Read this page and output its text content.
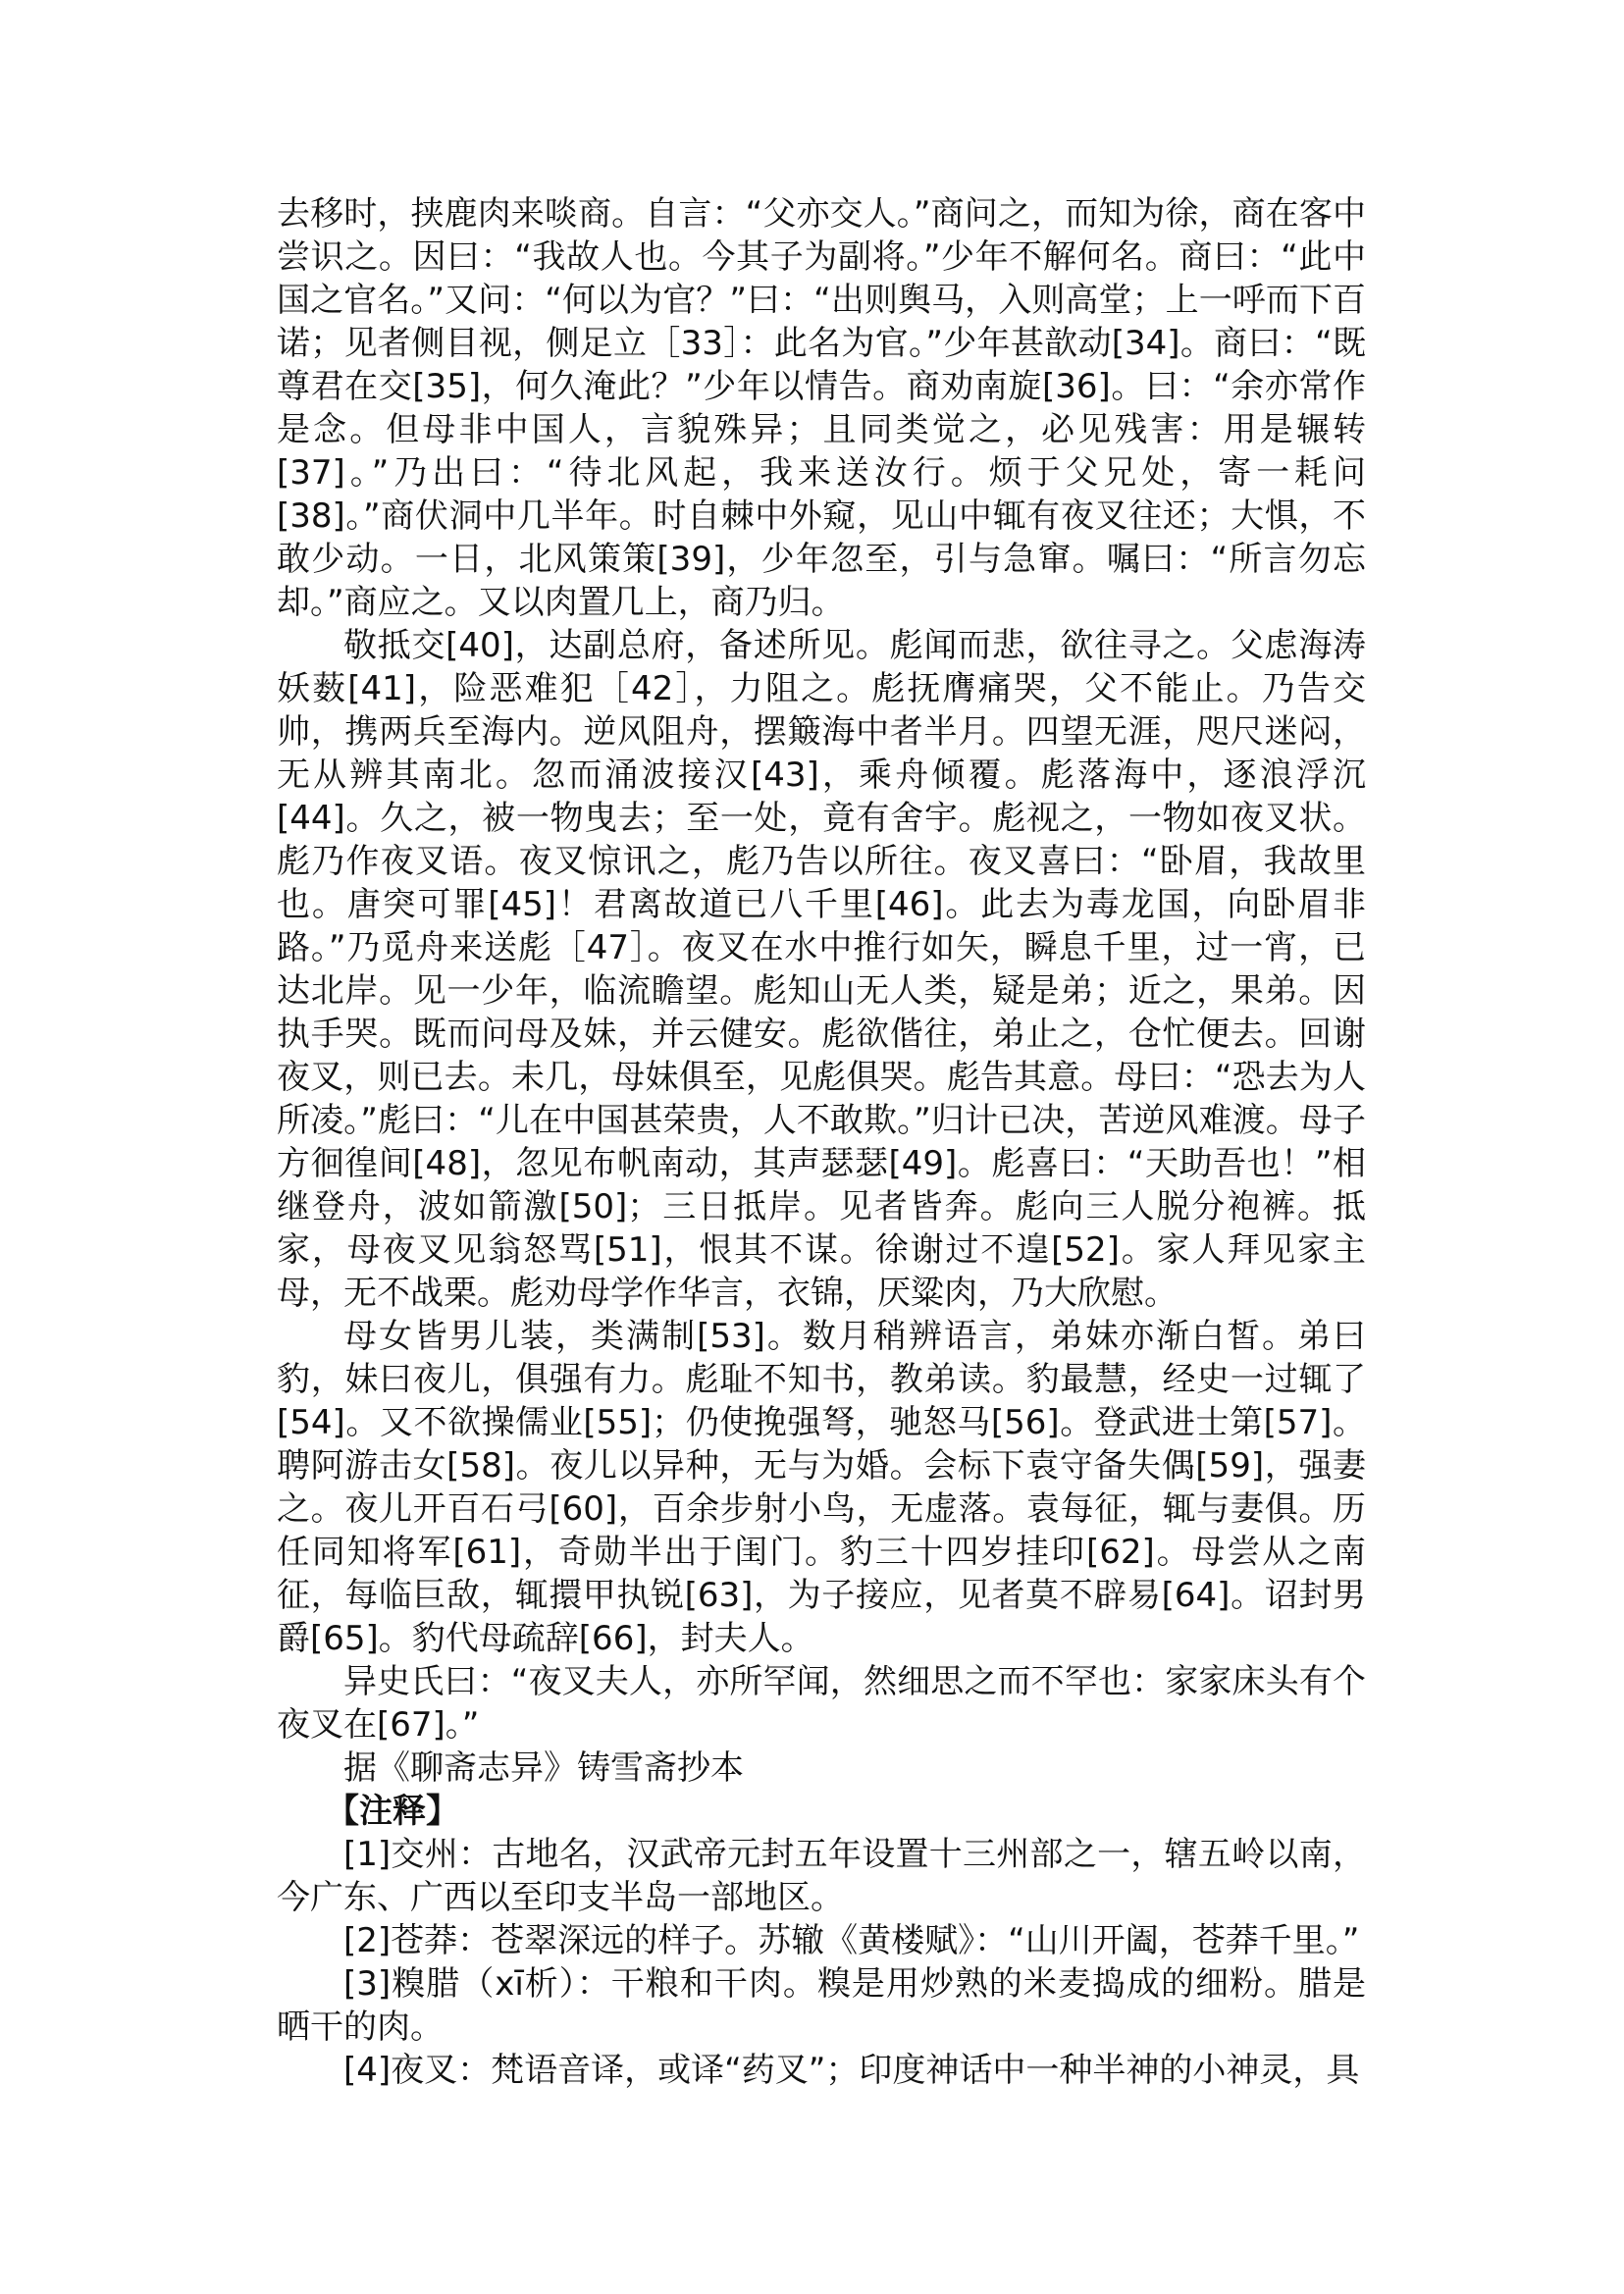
去移时，挟鹿肉来啖商。自言：“父亦交人。”商问之，而知为徐，商在客中尝识之。因曰：“我故人也。今其子为副将。”少年不解何名。商曰：“此中国之官名。”又问：“何以为官？”曰：“出则舆马，入则高堂；上一呼而下百诺；见者侧目视，侧足立［33］：此名为官。”少年甚歆动[34]。商曰：“既尊君在交[35]，何久淹此？”少年以情告。商劝南旋[36]。曰：“余亦常作是念。但母非中国人，言貌殊异；且同类觉之，必见残害：用是辗转[37]。”乃出曰：“待北风起，我来送汝行。烦于父兄处，寄一耗问[38]。”商伏洞中几半年。时自棘中外窥，见山中辄有夜叉往还；大惧，不敢少动。一日，北风策策[39]，少年忽至，引与急窜。嘱曰：“所言勿忘却。”商应之。又以肉置几上，商乃归。

敬抵交[40]，达副总府，备述所见。彪闻而悲，欲往寻之。父虑海涛妖薮[41]，险恶难犯［42］，力阻之。彪抚膺痛哭，父不能止。乃告交帅，携两兵至海内。逆风阻舟，摆簸海中者半月。四望无涯，咫尺迷闷，无从辨其南北。忽而涌波接汉[43]，乘舟倾覆。彪落海中，逐浪浮沉[44]。久之，被一物曳去；至一处，竟有舍宇。彪视之，一物如夜叉状。彪乃作夜叉语。夜叉惊讯之，彪乃告以所往。夜叉喜曰：“卧眉，我故里也。唐突可罪[45]！君离故道已八千里[46]。此去为毒龙国，向卧眉非路。”乃觅舟来送彪［47］。夜叉在水中推行如矢，瞬息千里，过一宵，已达北岸。见一少年，临流瞻望。彪知山无人类，疑是弟；近之，果弟。因执手哭。既而问母及妹，并云健安。彪欲偕往，弟止之，仓忙便去。回谢夜叉，则已去。未几，母妹俱至，见彪俱哭。彪告其意。母曰：“恐去为人所凌。”彪曰：“儿在中国甚荣贵，人不敢欺。”归计已决，苦逆风难渡。母子方徊徨间[48]，忽见布帆南动，其声瑟瑟[49]。彪喜曰：“天助吾也！”相继登舟，波如箭激[50]；三日抵岸。见者皆奔。彪向三人脱分袍裤。抵家，母夜叉见翁怒骂[51]，恨其不谋。徐谢过不遑[52]。家人拜见家主母，无不战栗。彪劝母学作华言，衣锦，厌粱肉，乃大欣慰。

母女皆男儿装，类满制[53]。数月稍辨语言，弟妹亦渐白皙。弟曰豹，妹曰夜儿，俱强有力。彪耻不知书，教弟读。豹最慧，经史一过辄了[54]。又不欲操儒业[55]；仍使挽强弩，驰怒马[56]。登武进士第[57]。聘阿游击女[58]。夜儿以异种，无与为婚。会标下袁守备失偶[59]，强妻之。夜儿开百石弓[60]，百余步射小鸟，无虚落。袁每征，辄与妻俱。历任同知将军[61]，奇勋半出于闺门。豹三十四岁挂印[62]。母尝从之南征，每临巨敌，辄擐甲执锐[63]，为子接应，见者莫不辟易[64]。诏封男爵[65]。豹代母疏辞[66]，封夫人。

异史氏曰：“夜叉夫人，亦所罕闻，然细思之而不罕也：家家床头有个夜叉在[67]。”

据《聊斋志异》铸雪斋抄本

【注释】

[1]交州：古地名，汉武帝元封五年设置十三州部之一，辖五岭以南，今广东、广西以至印支半岛一部地区。

[2]苍莽：苍翠深远的样子。苏辙《黄楼赋》：“山川开阖，苍莽千里。”

[3]糗腊（xī析）：干粮和干肉。糗是用炒熟的米麦捣成的细粉。腊是晒干的肉。

[4]夜叉：梵语音译，或译“药叉”；印度神话中一种半神的小神灵，具
